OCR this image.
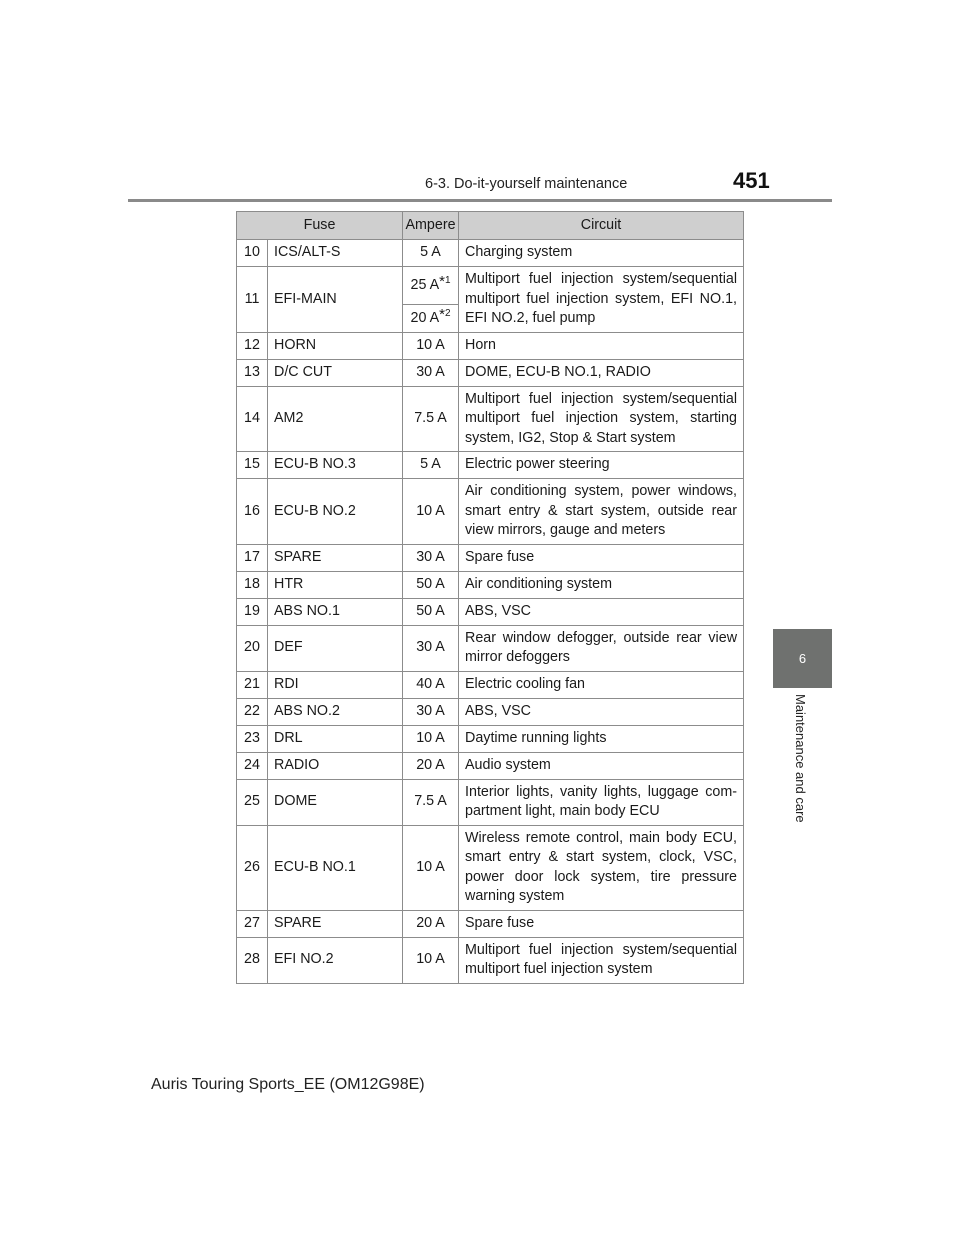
6-3. Do-it-yourself maintenance	451
6
Maintenance and care
Fuse		Ampere	Circuit
10	ICS/ALT-S	5 A	Charging system
11	EFI-MAIN	25 $A^{*1}$	Multiport fuel injection system/sequential multiport fuel injection system, EFI NO.1, EFI NO.2, fuel pump
		20 $A^{*2}$
12	HORN	10 A	Horn
13	D/C CUT	30 A	DOME, ECU-B NO.1, RADIO
14	AM2	7.5 A	Multiport fuel injection system/sequential multiport fuel injection system, starting system, IG2, Stop & Start system
15	ECU-B NO.3	5 A	Electric power steering
16	ECU-B NO.2	10 A	Air conditioning system, power windows, smart entry & start system, outside rear view mirrors, gauge and meters
17	SPARE	30 A	Spare fuse
18	HTR	50 A	Air conditioning system
19	ABS NO.1	50 A	ABS, VSC
20	DEF	30 A	Rear window defogger, outside rear view mirror defoggers
21	RDI	40 A	Electric cooling fan
22	ABS NO.2	30 A	ABS, VSC
23	DRL	10 A	Daytime running lights
24	RADIO	20 A	Audio system
25	DOME	7.5 A	Interior lights, vanity lights, luggage com-partment light, main body ECU
26	ECU-B NO.1	10 A	Wireless remote control, main body ECU, smart entry & start system, clock, VSC, power door lock system, tire pressure warning system
27	SPARE	20 A	Spare fuse
28	EFI NO.2	10 A	Multiport fuel injection system/sequential multiport fuel injection system
Auris Touring Sports_EE (OM12G98E)
